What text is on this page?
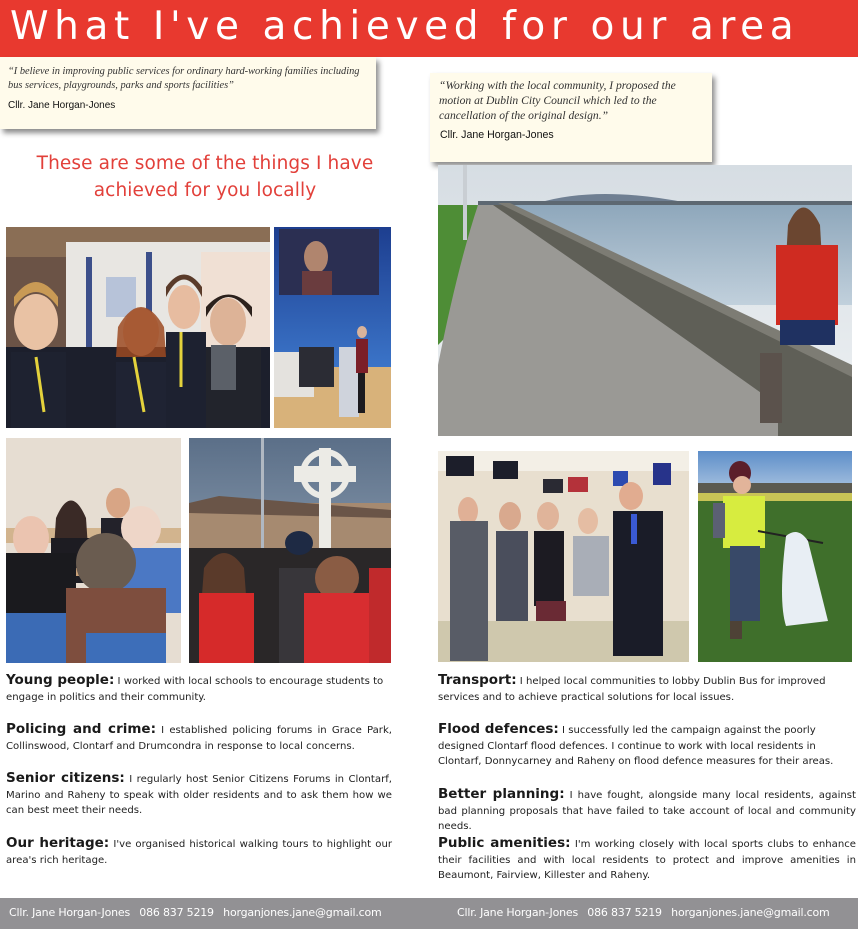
What I've achieved for our area
“I believe in improving public services for ordinary hard-working families including bus services, playgrounds, parks and sports facilities”
Cllr. Jane Horgan-Jones
These are some of the things I have
achieved for you locally
“Working with the local community, I proposed the motion at Dublin City Council which led to the cancellation of the original design.”
Cllr. Jane Horgan-Jones
Young people: I worked with local schools to encourage students to engage in politics and their community.
Policing and crime: I established policing forums in Grace Park, Collinswood, Clontarf and Drumcondra in response to local concerns.
Senior citizens: I regularly host Senior Citizens Forums in Clontarf, Marino and Raheny to speak with older residents and to ask them how we can best meet their needs.
Our heritage: I've organised historical walking tours to highlight our area's rich heritage.
Transport: I helped local communities to lobby Dublin Bus for improved services and to achieve practical solutions for local issues.
Flood defences: I successfully led the campaign against the poorly designed Clontarf flood defences. I continue to work with local residents in Clontarf, Donnycarney and Raheny on flood defence measures for their areas.
Better planning: I have fought, alongside many local residents, against bad planning proposals that have failed to take account of local and community needs.
Public amenities: I'm working closely with local sports clubs to enhance their facilities and with local residents to protect and improve amenities in Beaumont, Fairview, Killester and Raheny.
Cllr. Jane Horgan-Jones 086 837 5219 horganjones.jane@gmail.com	Cllr. Jane Horgan-Jones 086 837 5219 horganjones.jane@gmail.com
